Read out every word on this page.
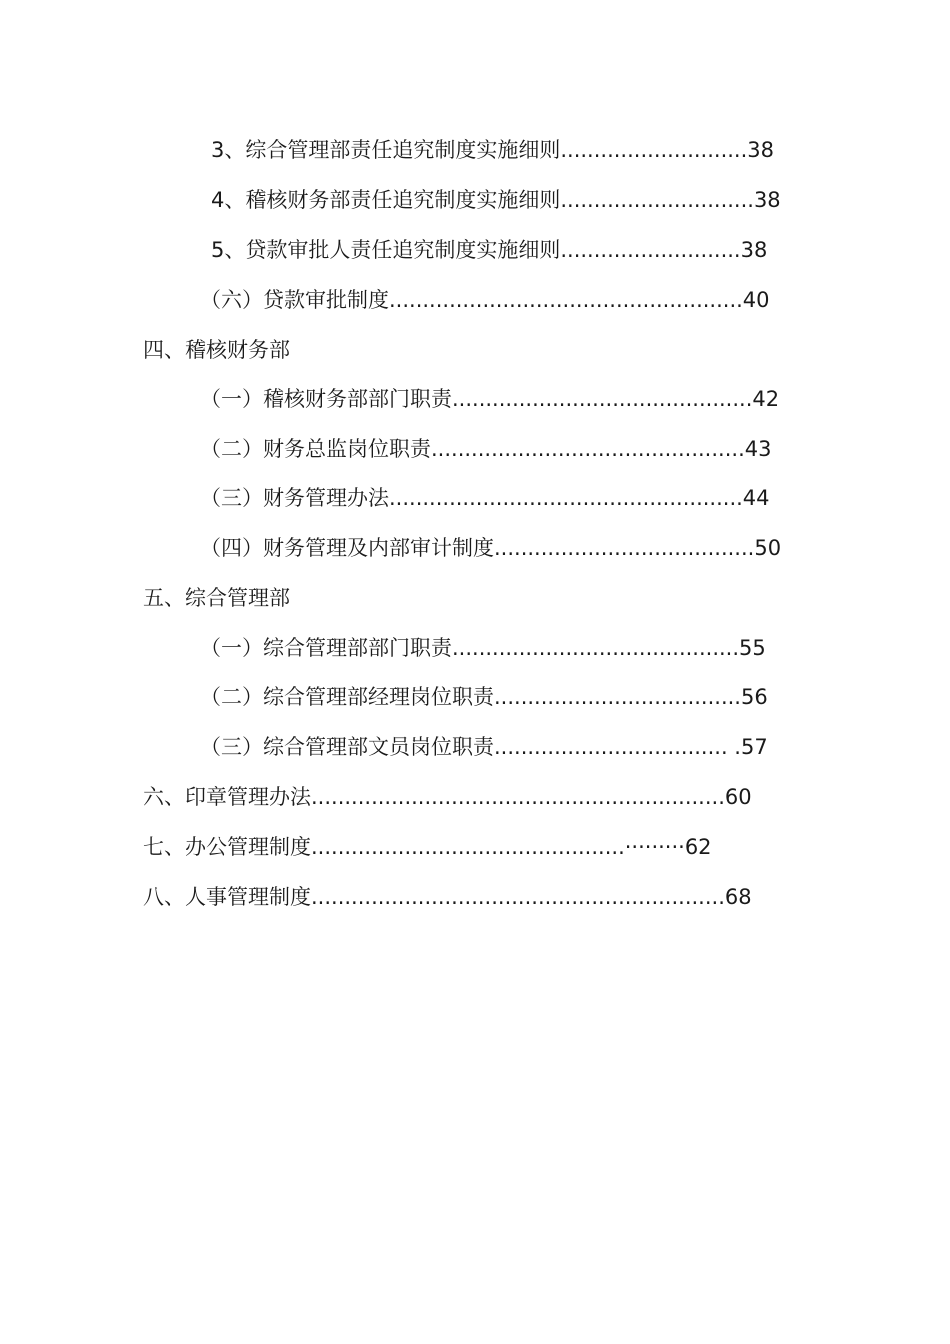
3、综合管理部责任追究制度实施细则............................38
4、稽核财务部责任追究制度实施细则.............................38
5、贷款审批人责任追究制度实施细则...........................38
（六）贷款审批制度.....................................................40
四、稽核财务部
（一）稽核财务部部门职责.............................................42
（二）财务总监岗位职责...............................................43
（三）财务管理办法.....................................................44
（四）财务管理及内部审计制度.......................................50
五、综合管理部
（一）综合管理部部门职责...........................................55
（二）综合管理部经理岗位职责.....................................56
（三）综合管理部文员岗位职责................................... .57
六、印章管理办法..............................................................60
七、办公管理制度...............................................·········62
八、人事管理制度..............................................................68
